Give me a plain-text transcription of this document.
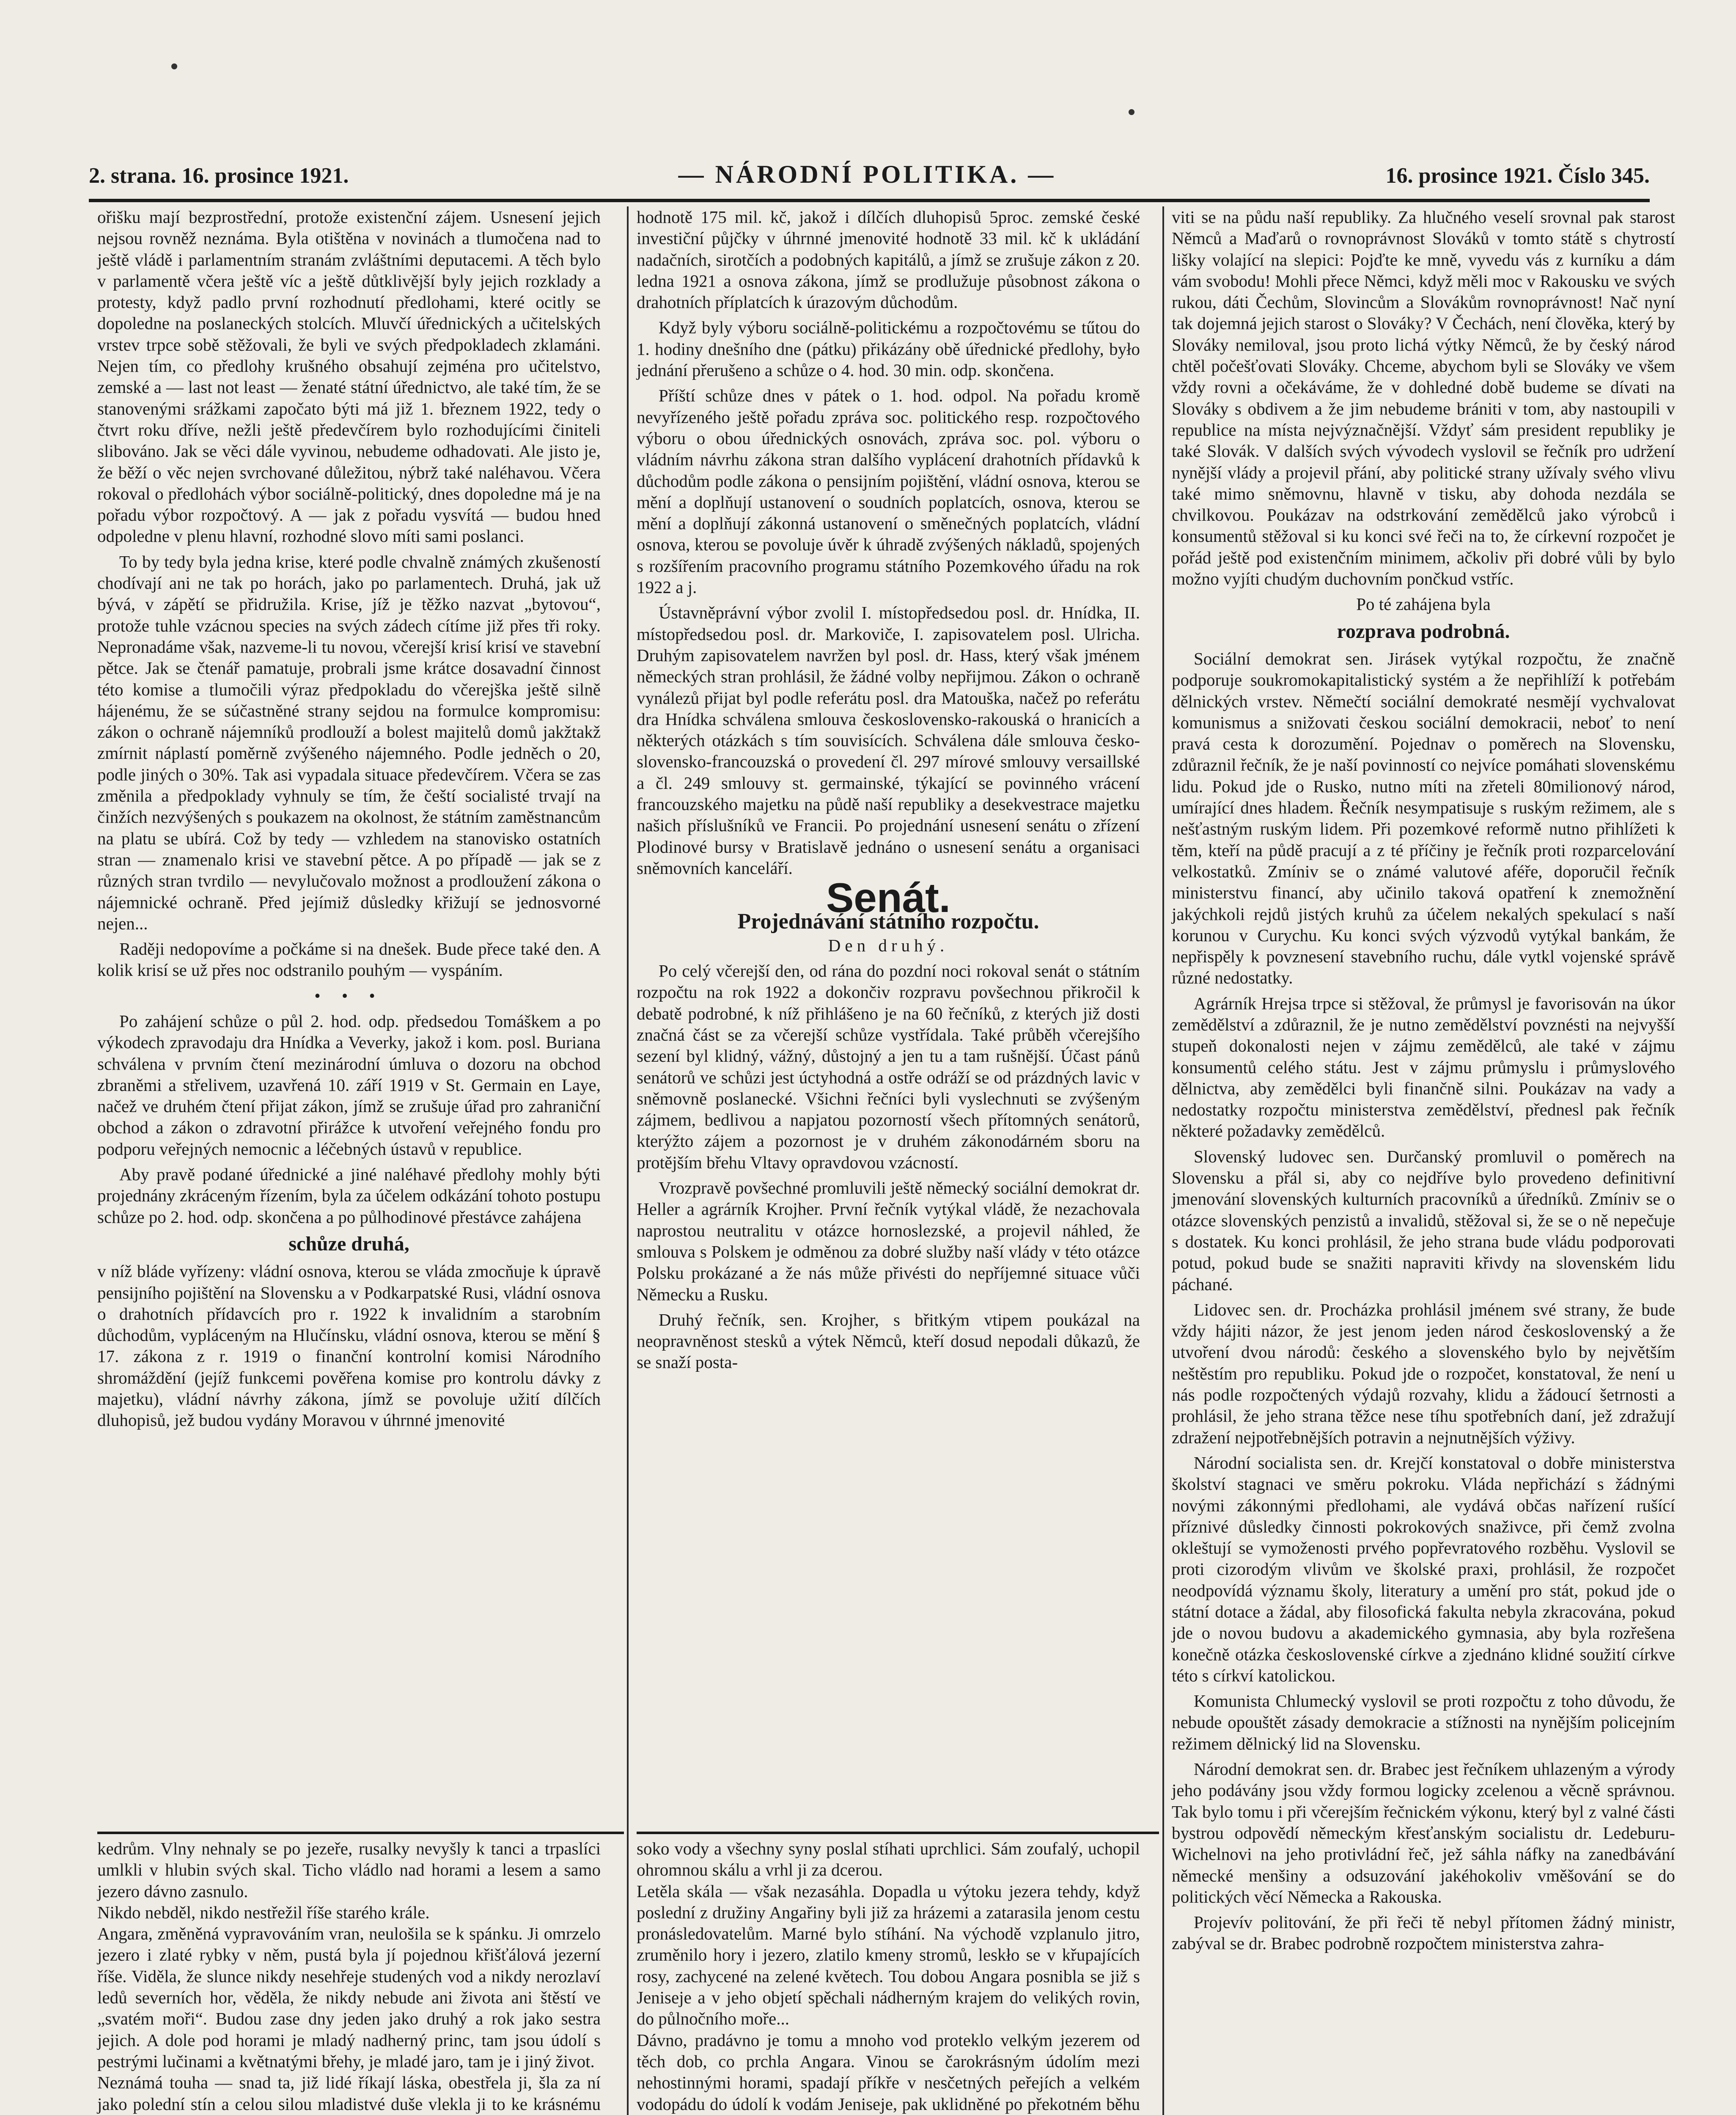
2. strana. 16. prosince 1921.	— NÁRODNÍ POLITIKA. —	16. prosince 1921. Číslo 345.

ořišku mají bezprostřední, protože existenční zájem. Usnesení jejich nejsou rovněž neznáma. Byla otištěna v novinách a tlumočena nad to ještě vládě i parlamentním stranám zvláštními deputacemi. A těch bylo v parlamentě včera ještě víc a ještě důtklivější byly jejich rozklady a protesty, když padlo první rozhodnutí předlohami, které ocitly se dopoledne na poslaneckých stolcích. Mluvčí úřednických a učitelských vrstev trpce sobě stěžovali, že byli ve svých předpokladech zklamáni. Nejen tím, co předlohy krušného obsahují zejména pro učitelstvo, zemské a — last not least — ženaté státní úřednictvo, ale také tím, že se stanovenými srážkami započato býti má již 1. březnem 1922, tedy o čtvrt roku dříve, nežli ještě předevčírem bylo rozhodujícími činiteli slibováno. Jak se věci dále vyvinou, nebudeme odhadovati. Ale jisto je, že běží o věc nejen svrchované důležitou, nýbrž také naléhavou. Včera rokoval o předlohách výbor sociálně-politický, dnes dopoledne má je na pořadu výbor rozpočtový. A — jak z pořadu vysvítá — budou hned odpoledne v plenu hlavní, rozhodné slovo míti sami poslanci.

To by tedy byla jedna krise, které podle chvalně známých zkušeností chodívají ani ne tak po horách, jako po parlamentech. Druhá, jak už bývá, v zápětí se přidružila. Krise, jíž je těžko nazvat „bytovou“, protože tuhle vzácnou species na svých zádech cítíme již přes tři roky. Nepronadáme však, nazveme-li tu novou, včerejší krisí krisí ve stavební pětce. Jak se čtenář pamatuje, probrali jsme krátce dosavadní činnost této komise a tlumočili výraz předpokladu do včerejška ještě silně hájenému, že se súčastněné strany sejdou na formulce kompromisu: zákon o ochraně nájemníků prodlouží a bolest majitelů domů jakžtakž zmírnit náplastí poměrně zvýšeného nájemného. Podle jedněch o 20, podle jiných o 30%. Tak asi vypadala situace předevčírem. Včera se zas změnila a předpoklady vyhnuly se tím, že čeští socialisté trvají na činžích nezvýšených s poukazem na okolnost, že státním zaměstnancům na platu se ubírá. Což by tedy — vzhledem na stanovisko ostatních stran — znamenalo krisi ve stavební pětce. A po případě — jak se z různých stran tvrdilo — nevylučovalo možnost a prodloužení zákona o nájemnické ochraně. Před jejímiž důsledky křižují se jednosvorné nejen...

Raději nedopovíme a počkáme si na dnešek. Bude přece také den. A kolik krisí se už přes noc odstranilo pouhým — vyspáním.

• • •

Po zahájení schůze o půl 2. hod. odp. předsedou Tomáškem a po výkodech zpravodaju dra Hnídka a Veverky, jakož i kom. posl. Buriana schválena v prvním čtení mezinárodní úmluva o dozoru na obchod zbraněmi a střelivem, uzavřená 10. září 1919 v St. Germain en Laye, načež ve druhém čtení přijat zákon, jímž se zrušuje úřad pro zahraniční obchod a zákon o zdravotní přirážce k utvoření veřejného fondu pro podporu veřejných nemocnic a léčebných ústavů v republice.

Aby pravě podané úřednické a jiné naléhavé předlohy mohly býti projednány zkráceným řízením, byla za účelem odkázání tohoto postupu schůze po 2. hod. odp. skončena a po půlhodinové přestávce zahájena

schůze druhá,

v níž bláde vyřízeny: vládní osnova, kterou se vláda zmocňuje k úpravě pensijního pojištění na Slovensku a v Podkarpatské Rusi, vládní osnova o drahotních přídavcích pro r. 1922 k invalidním a starobním důchodům, vypláceným na Hlučínsku, vládní osnova, kterou se mění § 17. zákona z r. 1919 o finanční kontrolní komisi Národního shromáždění (jejíž funkcemi pověřena komise pro kontrolu dávky z majetku), vládní návrhy zákona, jímž se povoluje užití dílčích dluhopisů, jež budou vydány Moravou v úhrnné jmenovité

hodnotě 175 mil. kč, jakož i dílčích dluhopisů 5proc. zemské české investiční půjčky v úhrnné jmenovité hodnotě 33 mil. kč k ukládání nadačních, sirotčích a podobných kapitálů, a jímž se zrušuje zákon z 20. ledna 1921 a osnova zákona, jímž se prodlužuje působnost zákona o drahotních příplatcích k úrazovým důchodům.

Když byly výboru sociálně-politickému a rozpočtovému se tűtou do 1. hodiny dnešního dne (pátku) přikázány obě úřednické předlohy, było jednání přerušeno a schůze o 4. hod. 30 min. odp. skončena.

Příští schůze dnes v pátek o 1. hod. odpol. Na pořadu kromě nevyřízeného ještě pořadu zpráva soc. politického resp. rozpočtového výboru o obou úřednických osnovách, zpráva soc. pol. výboru o vládním návrhu zákona stran dalšího vyplácení drahotních přídavků k důchodům podle zákona o pensijním pojištění, vládní osnova, kterou se mění a doplňují ustanovení o soudních poplatcích, osnova, kterou se mění a doplňují zákonná ustanovení o směnečných poplatcích, vládní osnova, kterou se povoluje úvěr k úhradě zvýšených nákladů, spojených s rozšířením pracovního programu státního Pozemkového úřadu na rok 1922 a j.

Ústavněprávní výbor zvolil I. místopředsedou posl. dr. Hnídka, II. místopředsedou posl. dr. Markoviče, I. zapisovatelem posl. Ulricha. Druhým zapisovatelem navržen byl posl. dr. Hass, který však jménem německých stran prohlásil, že žádné volby nepřijmou. Zákon o ochraně vynálezů přijat byl podle referátu posl. dra Matouška, načež po referátu dra Hnídka schválena smlouva československo-rakouská o hranicích a některých otázkách s tím souvisících. Schválena dále smlouva česko-slovensko-francouzská o provedení čl. 297 mírové smlouvy versaillské a čl. 249 smlouvy st. germainské, týkající se povinného vrácení francouzského majetku na půdě naší republiky a desekvestrace majetku našich příslušníků ve Francii. Po projednání usnesení senátu o zřízení Plodinové bursy v Bratislavě jednáno o usnesení senátu a organisaci sněmovních kanceláří.

Senát.
Projednávání státního rozpočtu.
Den druhý.

Po celý včerejší den, od rána do pozdní noci rokoval senát o státním rozpočtu na rok 1922 a dokončiv rozpravu povšechnou přikročil k debatě podrobné, k níž přihlášeno je na 60 řečníků, z kterých již dosti značná část se za včerejší schůze vystřídala. Také průběh včerejšího sezení byl klidný, vážný, důstojný a jen tu a tam rušnější. Účast pánů senátorů ve schůzi jest úctyhodná a ostře odráží se od prázdných lavic v sněmovně poslanecké. Všichni řečníci byli vyslechnuti se zvýšeným zájmem, bedlivou a napjatou pozorností všech přítomných senátorů, kterýžto zájem a pozornost je v druhém zákonodárném sboru na protějším břehu Vltavy opravdovou vzácností.

Vrozpravě povšechné promluvili ještě německý sociální demokrat dr. Heller a agrárník Krojher. První řečník vytýkal vládě, že nezachovala naprostou neutralitu v otázce hornoslezské, a projevil náhled, že smlouva s Polskem je odměnou za dobré služby naší vlády v této otázce Polsku prokázané a že nás může přivésti do nepříjemné situace vůči Německu a Rusku.

Druhý řečník, sen. Krojher, s břitkým vtipem poukázal na neopravněnost stesků a výtek Němců, kteří dosud nepodali důkazů, že se snaží posta-

viti se na půdu naší republiky. Za hlučného veselí srovnal pak starost Němců a Maďarů o rovnoprávnost Slováků v tomto státě s chytrostí lišky volající na slepici: Pojďte ke mně, vyvedu vás z kurníku a dám vám svobodu! Mohli přece Němci, když měli moc v Rakousku ve svých rukou, dáti Čechům, Slovincům a Slovákům rovnoprávnost! Nač nyní tak dojemná jejich starost o Slováky? V Čechách, není člověka, který by Slováky nemiloval, jsou proto lichá výtky Němců, že by český národ chtěl počešťovati Slováky. Chceme, abychom byli se Slováky ve všem vždy rovni a očekáváme, že v dohledné době budeme se dívati na Slováky s obdivem a že jim nebudeme brániti v tom, aby nastoupili v republice na místa nejvýznačnější. Vždyť sám president republiky je také Slovák. V dalších svých vývodech vyslovil se řečník pro udržení nynější vlády a projevil přání, aby politické strany užívaly svého vlivu také mimo sněmovnu, hlavně v tisku, aby dohoda nezdála se chvilkovou. Poukázav na odstrkování zemědělců jako výrobců i konsumentů stěžoval si ku konci své řeči na to, že církevní rozpočet je pořád ještě pod existenčním minimem, ačkoliv při dobré vůli by bylo možno vyjíti chudým duchovním pončkud vstříc.

Po té zahájena byla

rozprava podrobná.

Sociální demokrat sen. Jirásek vytýkal rozpočtu, že značně podporuje soukromokapitalistický systém a že nepřihlíží k potřebám dělnických vrstev. Němečtí sociální demokraté nesmějí vychvalovat komunismus a snižovati českou sociální demokracii, neboť to není pravá cesta k dorozumění. Pojednav o poměrech na Slovensku, zdůraznil řečník, že je naší povinností co nejvíce pomáhati slovenskému lidu. Pokud jde o Rusko, nutno míti na zřeteli 80milionový národ, umírající dnes hladem. Řečník nesympatisuje s ruským režimem, ale s nešťastným ruským lidem. Při pozemkové reformě nutno přihlížeti k těm, kteří na půdě pracují a z té příčiny je řečník proti rozparcelování velkostatků. Zmíniv se o známé valutové aféře, doporučil řečník ministerstvu financí, aby učinilo taková opatření k znemožnění jakýchkoli rejdů jistých kruhů za účelem nekalých spekulací s naší korunou v Curychu. Ku konci svých výzvodů vytýkal bankám, že nepřispěly k povznesení stavebního ruchu, dále vytkl vojenské správě různé nedostatky.

Agrárník Hrejsa trpce si stěžoval, že průmysl je favorisován na úkor zemědělství a zdůraznil, že je nutno zemědělství povznésti na nejvyšší stupeň dokonalosti nejen v zájmu zemědělců, ale také v zájmu konsumentů celého státu. Jest v zájmu průmyslu i průmyslového dělnictva, aby zemědělci byli finančně silni. Poukázav na vady a nedostatky rozpočtu ministerstva zemědělství, přednesl pak řečník některé požadavky zemědělců.

Slovenský ludovec sen. Durčanský promluvil o poměrech na Slovensku a přál si, aby co nejdříve bylo provedeno definitivní jmenování slovenských kulturních pracovníků a úředníků. Zmíniv se o otázce slovenských penzistů a invalidů, stěžoval si, že se o ně nepečuje s dostatek. Ku konci prohlásil, že jeho strana bude vládu podporovati potud, pokud bude se snažiti napraviti křivdy na slovenském lidu páchané.

Lidovec sen. dr. Procházka prohlásil jménem své strany, že bude vždy hájiti názor, že jest jenom jeden národ československý a že utvoření dvou národů: českého a slovenského bylo by největším neštěstím pro republiku. Pokud jde o rozpočet, konstatoval, že není u nás podle rozpočtených výdajů rozvahy, klidu a žádoucí šetrnosti a prohlásil, že jeho strana těžce nese tíhu spotřebních daní, jež zdražují zdražení nejpotřebnějších potravin a nejnutnějších výživy.

Národní socialista sen. dr. Krejčí konstatoval o dobře ministerstva školství stagnaci ve směru pokroku. Vláda nepřichází s žádnými novými zákonnými předlohami, ale vydává občas nařízení rušící příznivé důsledky činnosti pokrokových snaživce, při čemž zvolna okleštují se vymoženosti prvého popřevratového rozběhu. Vyslovil se proti cizorodým vlivům ve školské praxi, prohlásil, že rozpočet neodpovídá významu školy, literatury a umění pro stát, pokud jde o státní dotace a žádal, aby filosofická fakulta nebyla zkracována, pokud jde o novou budovu a akademického gymnasia, aby byla rozřešena konečně otázka československé církve a zjednáno klidné soužití církve této s církví katolickou.

Komunista Chlumecký vyslovil se proti rozpočtu z toho důvodu, že nebude opouštět zásady demokracie a stížnosti na nynějším policejním režimem dělnický lid na Slovensku.

Národní demokrat sen. dr. Brabec jest řečníkem uhlazeným a výrody jeho podávány jsou vždy formou logicky zcelenou a věcně správnou. Tak bylo tomu i při včerejším řečnickém výkonu, který byl z valné části bystrou odpovědí německým křesťanským socialistu dr. Ledeburu-Wichelnovi na jeho protivládní řeč, jež sáhla náfky na zanedbávání německé menšiny a odsuzování jakéhokoliv vměšování se do politických věcí Německa a Rakouska.

Projevív politování, že při řeči tě nebyl přítomen žádný ministr, zabýval se dr. Brabec podrobně rozpočtem ministerstva zahra-

kedrům. Vlny nehnaly se po jezeře, rusalky nevyšly k tanci a trpaslíci umlkli v hlubin svých skal. Ticho vládlo nad horami a lesem a samo jezero dávno zasnulo.
Nikdo nebděl, nikdo nestřežil říše starého krále.
Angara, změněná vypravováním vran, neulošila se k spánku. Ji omrzelo jezero i zlaté rybky v něm, pustá byla jí pojednou křišťálová jezerní říše. Viděla, že slunce nikdy nesehřeje studených vod a nikdy nerozlaví ledů severních hor, věděla, že nikdy nebude ani života ani štěstí ve „svatém moři“. Budou zase dny jeden jako druhý a rok jako sestra jejich. A dole pod horami je mladý nadherný princ, tam jsou údolí s pestrými lučinami a květnatými břehy, je mladé jaro, tam je i jiný život.
Neznámá touha — snad ta, již lidé říkají láska, obestřela ji, šla za ní jako polední stín a celou silou mladistvé duše vlekla ji to ke krásnému

soko vody a všechny syny poslal stíhati uprchlici. Sám zoufalý, uchopil ohromnou skálu a vrhl ji za dcerou.
Letěla skála — však nezasáhla. Dopadla u výtoku jezera tehdy, když poslední z družiny Angařiny byli již za hrázemi a zatarasila jenom cestu pronásledovatelům. Marné bylo stíhání. Na východě vzplanulo jitro, zruměnilo hory i jezero, zlatilo kmeny stromů, leskło se v křupajících rosy, zachycené na zelené květech. Tou dobou Angara posnibla se již s Jeniseje a v jeho objetí spěchali nádherným krajem do velikých rovin, do půlnočního moře...
Dávno, pradávno je tomu a mnoho vod proteklo velkým jezerem od těch dob, co prchla Angara. Vinou se čarokrásným údolím mezi nehostinnými horami, spadají příkře v nesčetných peřejích a velkém vodopádu do údolí k vodám Jeniseje, pak uklidněné po překotném běhu
